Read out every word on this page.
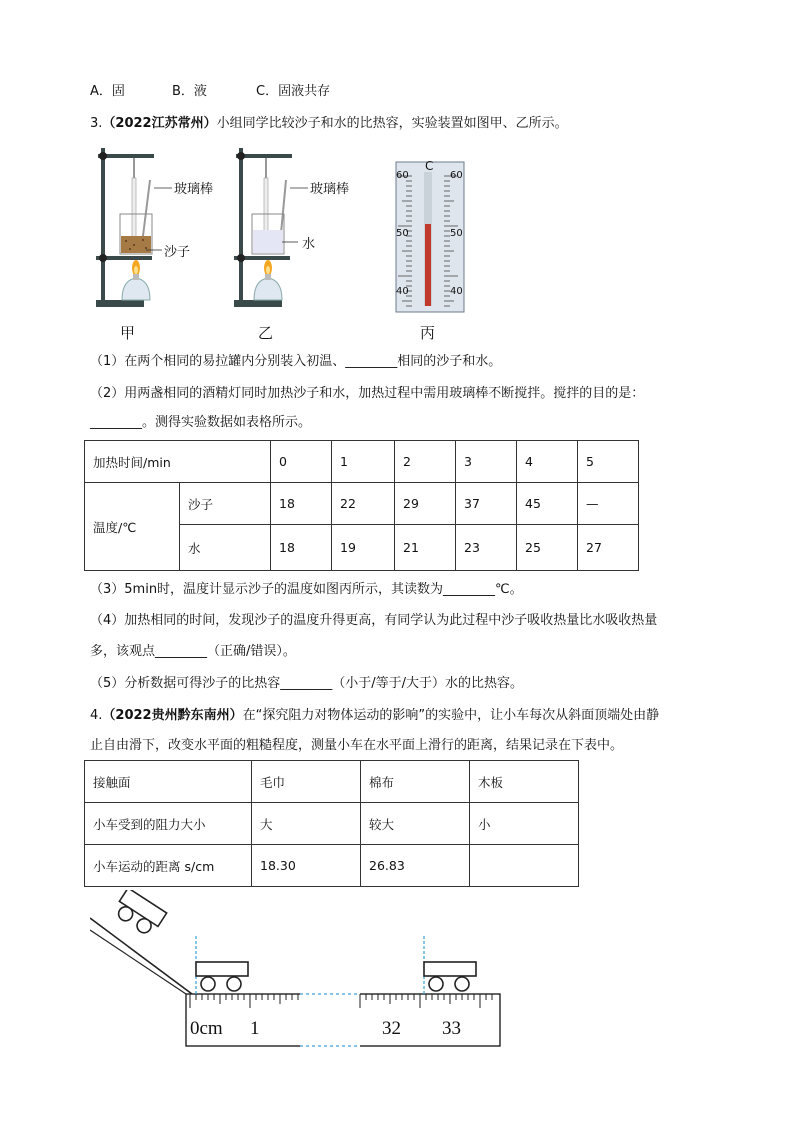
A．固	B．液	C．固液共存
3.（2022江苏常州）小组同学比较沙子和水的比热容，实验装置如图甲、乙所示。
玻璃棒
沙子
玻璃棒
水
甲	乙	丙
C
60	60
50	50
40	40
（1）在两个相同的易拉罐内分别装入初温、________相同的沙子和水。
（2）用两盏相同的酒精灯同时加热沙子和水，加热过程中需用玻璃棒不断搅拌。搅拌的目的是：
________。测得实验数据如表格所示。
加热时间/min		0	1	2	3	4	5
温度/℃	沙子	18	22	29	37	45	—
	水	18	19	21	23	25	27
（3）5min时，温度计显示沙子的温度如图丙所示，其读数为________℃。
（4）加热相同的时间，发现沙子的温度升得更高，有同学认为此过程中沙子吸收热量比水吸收热量
多，该观点________（正确/错误）。
（5）分析数据可得沙子的比热容________（小于/等于/大于）水的比热容。
4.（2022贵州黔东南州）在“探究阻力对物体运动的影响”的实验中，让小车每次从斜面顶端处由静
止自由滑下，改变水平面的粗糙程度，测量小车在水平面上滑行的距离，结果记录在下表中。
接触面	毛巾	棉布	木板
小车受到的阻力大小	大	较大	小
小车运动的距离 s/cm	18.30	26.83	
0cm 1	32 33
